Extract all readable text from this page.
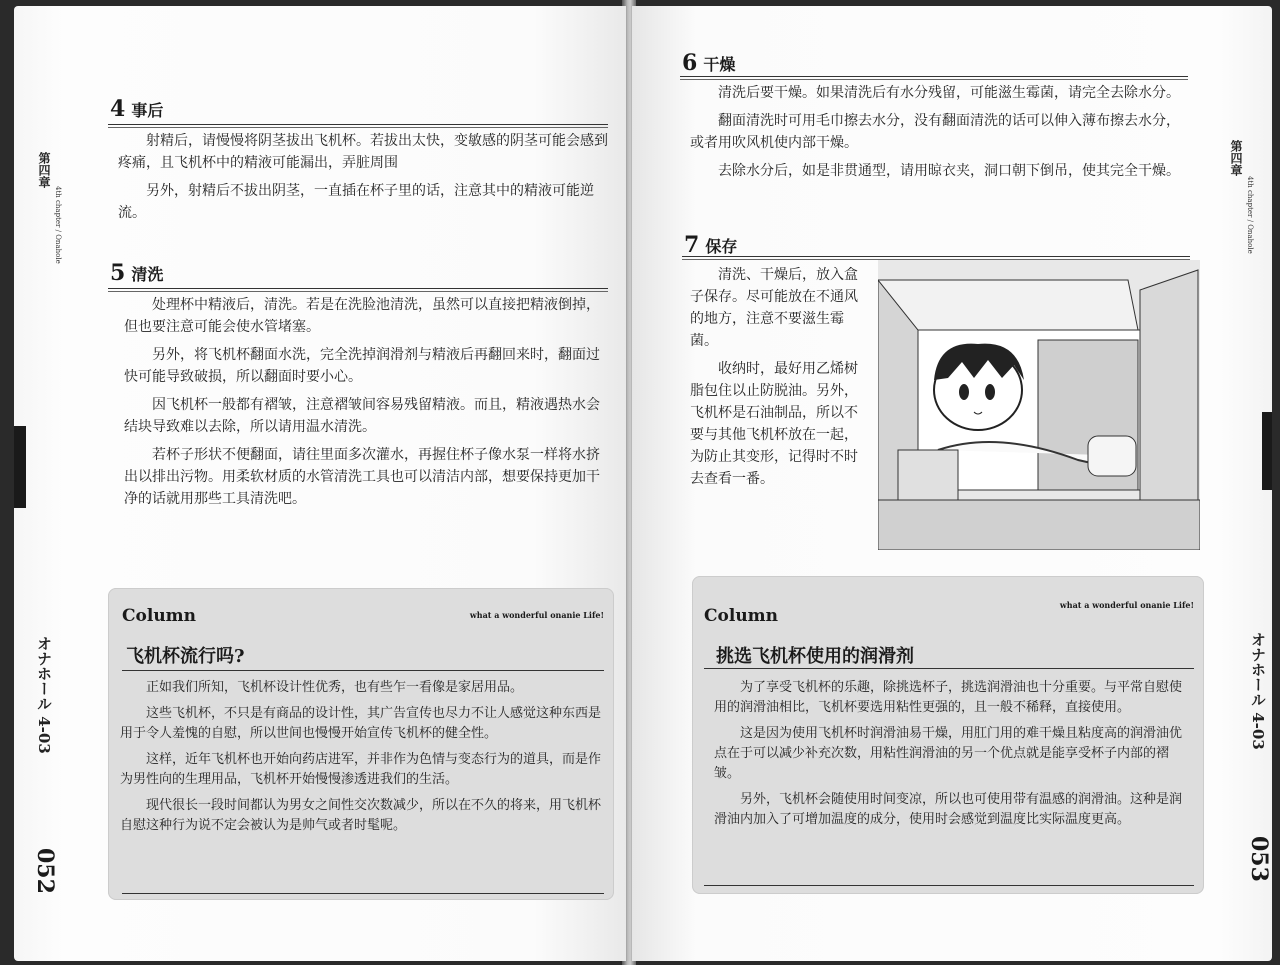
4 事后

射精后，请慢慢将阴茎拔出飞机杯。若拔出太快，变敏感的阴茎可能会感到疼痛，且飞机杯中的精液可能漏出，弄脏周围

另外，射精后不拔出阴茎，一直插在杯子里的话，注意其中的精液可能逆流。

5 清洗

处理杯中精液后，清洗。若是在洗脸池清洗，虽然可以直接把精液倒掉，但也要注意可能会使水管堵塞。

另外，将飞机杯翻面水洗，完全洗掉润滑剂与精液后再翻回来时，翻面过快可能导致破损，所以翻面时要小心。

因飞机杯一般都有褶皱，注意褶皱间容易残留精液。而且，精液遇热水会结块导致难以去除，所以请用温水清洗。

若杯子形状不便翻面，请往里面多次灌水，再握住杯子像水泵一样将水挤出以排出污物。用柔软材质的水管清洗工具也可以清洁内部，想要保持更加干净的话就用那些工具清洗吧。

Column	what a wonderful onanie Life!
飞机杯流行吗?

正如我们所知，飞机杯设计性优秀，也有些乍一看像是家居用品。

这些飞机杯，不只是有商品的设计性，其广告宣传也尽力不让人感觉这种东西是用于令人羞愧的自慰，所以世间也慢慢开始宣传飞机杯的健全性。

这样，近年飞机杯也开始向药店进军，并非作为色情与变态行为的道具，而是作为男性向的生理用品，飞机杯开始慢慢渗透进我们的生活。

现代很长一段时间都认为男女之间性交次数减少，所以在不久的将来，用飞机杯自慰这种行为说不定会被认为是帅气或者时髦呢。

第四章
4th chapter / Onahole
オナホール 4-03
052
6 干燥

清洗后要干燥。如果清洗后有水分残留，可能滋生霉菌，请完全去除水分。

翻面清洗时可用毛巾擦去水分，没有翻面清洗的话可以伸入薄布擦去水分，或者用吹风机使内部干燥。

去除水分后，如是非贯通型，请用晾衣夹，洞口朝下倒吊，使其完全干燥。

7 保存

清洗、干燥后，放入盒子保存。尽可能放在不通风的地方，注意不要滋生霉菌。

收纳时，最好用乙烯树脂包住以止防脱油。另外，飞机杯是石油制品，所以不要与其他飞机杯放在一起，为防止其变形，记得时不时去查看一番。

Column
what a wonderful onanie Life!
挑选飞机杯使用的润滑剂

为了享受飞机杯的乐趣，除挑选杯子，挑选润滑油也十分重要。与平常自慰使用的润滑油相比，飞机杯要选用粘性更强的，且一般不稀释，直接使用。

这是因为使用飞机杯时润滑油易干燥，用肛门用的难干燥且粘度高的润滑油优点在于可以减少补充次数，用粘性润滑油的另一个优点就是能享受杯子内部的褶皱。

另外，飞机杯会随使用时间变凉，所以也可使用带有温感的润滑油。这种是润滑油内加入了可增加温度的成分，使用时会感觉到温度比实际温度更高。

第四章
4th chapter / Onahole
オナホール 4-03
053
